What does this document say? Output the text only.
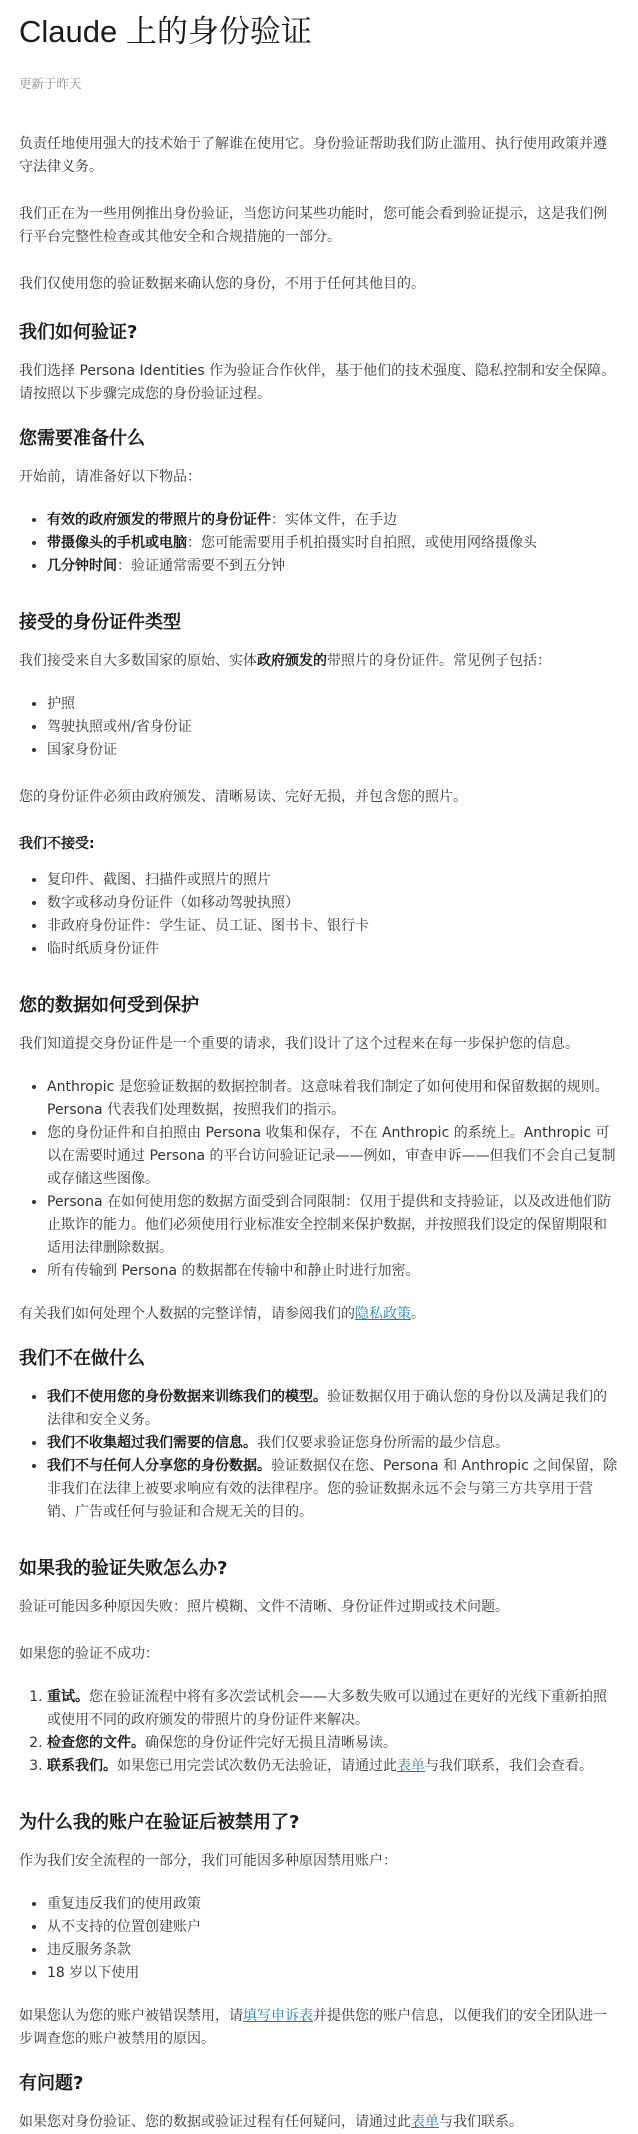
Claude 上的身份验证
更新于昨天

负责任地使用强大的技术始于了解谁在使用它。身份验证帮助我们防止滥用、执行使用政策并遵守法律义务。

我们正在为一些用例推出身份验证，当您访问某些功能时，您可能会看到验证提示，这是我们例行平台完整性检查或其他安全和合规措施的一部分。

我们仅使用您的验证数据来确认您的身份，不用于任何其他目的。

我们如何验证?

我们选择 Persona Identities 作为验证合作伙伴，基于他们的技术强度、隐私控制和安全保障。请按照以下步骤完成您的身份验证过程。

您需要准备什么

开始前，请准备好以下物品：

• 有效的政府颁发的带照片的身份证件：实体文件，在手边
• 带摄像头的手机或电脑：您可能需要用手机拍摄实时自拍照，或使用网络摄像头
• 几分钟时间：验证通常需要不到五分钟
接受的身份证件类型

我们接受来自大多数国家的原始、实体政府颁发的带照片的身份证件。常见例子包括：

• 护照
• 驾驶执照或州/省身份证
• 国家身份证

您的身份证件必须由政府颁发、清晰易读、完好无损，并包含您的照片。

我们不接受:
• 复印件、截图、扫描件或照片的照片
• 数字或移动身份证件（如移动驾驶执照）
• 非政府身份证件：学生证、员工证、图书卡、银行卡
• 临时纸质身份证件
您的数据如何受到保护

我们知道提交身份证件是一个重要的请求，我们设计了这个过程来在每一步保护您的信息。

• Anthropic 是您验证数据的数据控制者。这意味着我们制定了如何使用和保留数据的规则。Persona 代表我们处理数据，按照我们的指示。
• 您的身份证件和自拍照由 Persona 收集和保存，不在 Anthropic 的系统上。Anthropic 可以在需要时通过 Persona 的平台访问验证记录——例如，审查申诉——但我们不会自己复制或存储这些图像。
• Persona 在如何使用您的数据方面受到合同限制：仅用于提供和支持验证，以及改进他们防止欺诈的能力。他们必须使用行业标准安全控制来保护数据，并按照我们设定的保留期限和适用法律删除数据。
• 所有传输到 Persona 的数据都在传输中和静止时进行加密。

有关我们如何处理个人数据的完整详情，请参阅我们的隐私政策。

我们不在做什么
• 我们不使用您的身份数据来训练我们的模型。验证数据仅用于确认您的身份以及满足我们的法律和安全义务。
• 我们不收集超过我们需要的信息。我们仅要求验证您身份所需的最少信息。
• 我们不与任何人分享您的身份数据。验证数据仅在您、Persona 和 Anthropic 之间保留，除非我们在法律上被要求响应有效的法律程序。您的验证数据永远不会与第三方共享用于营销、广告或任何与验证和合规无关的目的。
如果我的验证失败怎么办?

验证可能因多种原因失败：照片模糊、文件不清晰、身份证件过期或技术问题。

如果您的验证不成功：

1. 重试。您在验证流程中将有多次尝试机会——大多数失败可以通过在更好的光线下重新拍照或使用不同的政府颁发的带照片的身份证件来解决。
2. 检查您的文件。确保您的身份证件完好无损且清晰易读。
3. 联系我们。如果您已用完尝试次数仍无法验证，请通过此表单与我们联系，我们会查看。
为什么我的账户在验证后被禁用了?

作为我们安全流程的一部分，我们可能因多种原因禁用账户：

• 重复违反我们的使用政策
• 从不支持的位置创建账户
• 违反服务条款
• 18 岁以下使用

如果您认为您的账户被错误禁用，请填写申诉表并提供您的账户信息，以便我们的安全团队进一步调查您的账户被禁用的原因。

有问题?

如果您对身份验证、您的数据或验证过程有任何疑问，请通过此表单与我们联系。
